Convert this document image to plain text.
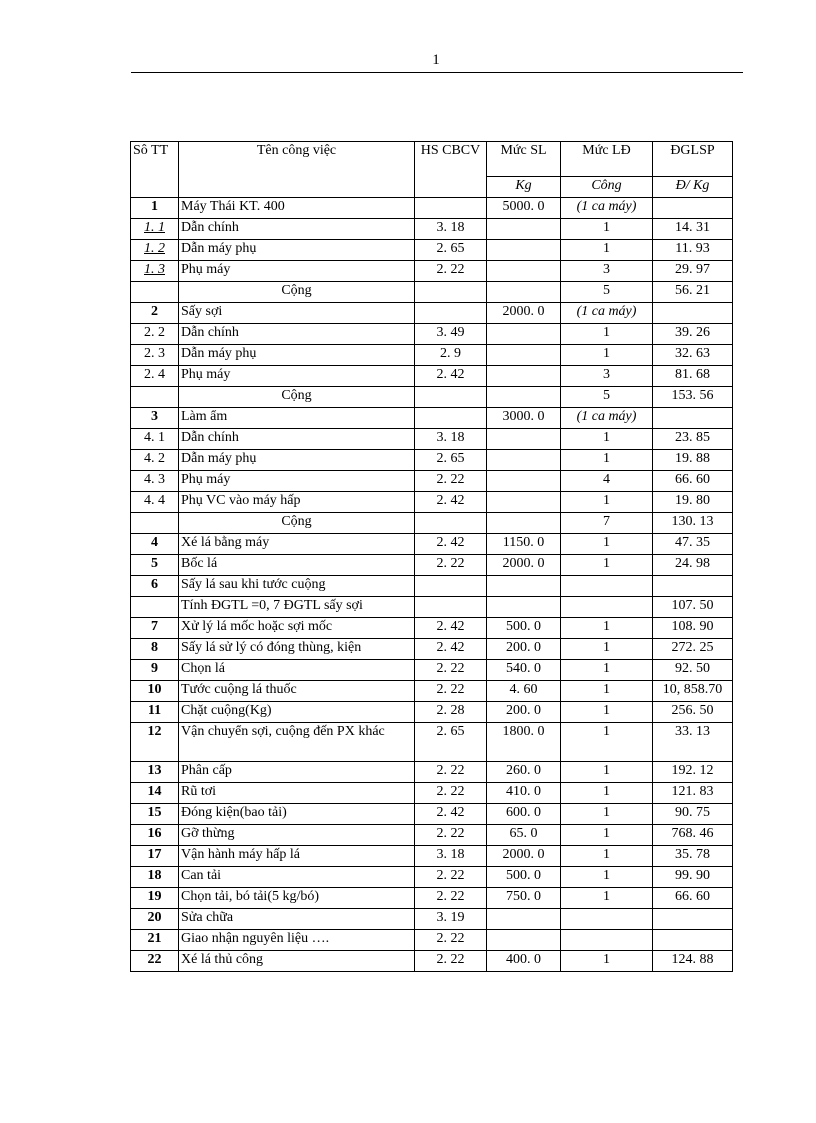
1
Sô TT	Tên công việc	HS CBCV	Mức SL	Mức LĐ	ĐGLSP
			Kg	Công	Đ/ Kg
1	Máy Thái KT. 400		5000. 0	(1 ca máy)	
1. 1	Dẫn chính	3. 18		1	14. 31
1. 2	Dẫn máy phụ	2. 65		1	11. 93
1. 3	Phụ máy	2. 22		3	29. 97
	Cộng			5	56. 21
2	Sấy sợi		2000. 0	(1 ca máy)	
2. 2	Dẫn chính	3. 49		1	39. 26
2. 3	Dẫn máy phụ	2. 9		1	32. 63
2. 4	Phụ máy	2. 42		3	81. 68
	Cộng			5	153. 56
3	Làm ẩm		3000. 0	(1 ca máy)	
4. 1	Dẫn chính	3. 18		1	23. 85
4. 2	Dẫn máy phụ	2. 65		1	19. 88
4. 3	Phụ máy	2. 22		4	66. 60
4. 4	Phụ VC vào máy hấp	2. 42		1	19. 80
	Cộng			7	130. 13
4	Xé lá bằng máy	2. 42	1150. 0	1	47. 35
5	Bốc lá	2. 22	2000. 0	1	24. 98
6	Sấy lá sau khi tước cuộng				
	Tính ĐGTL =0, 7 ĐGTL sấy sợi				107. 50
7	Xử lý lá mốc hoặc sợi mốc	2. 42	500. 0	1	108. 90
8	Sấy lá sử lý có đóng thùng, kiện	2. 42	200. 0	1	272. 25
9	Chọn lá	2. 22	540. 0	1	92. 50
10	Tước cuộng lá thuốc	2. 22	4. 60	1	10, 858.70
11	Chặt cuộng(Kg)	2. 28	200. 0	1	256. 50
12	Vận chuyển sợi, cuộng đến PX khác	2. 65	1800. 0	1	33. 13
13	Phân cấp	2. 22	260. 0	1	192. 12
14	Rũ tơi	2. 22	410. 0	1	121. 83
15	Đóng kiện(bao tải)	2. 42	600. 0	1	90. 75
16	Gỡ thừng	2. 22	65. 0	1	768. 46
17	Vận hành máy hấp lá	3. 18	2000. 0	1	35. 78
18	Can tải	2. 22	500. 0	1	99. 90
19	Chọn tải, bó tải(5 kg/bó)	2. 22	750. 0	1	66. 60
20	Sửa chữa	3. 19			
21	Giao nhận nguyên liệu ….	2. 22			
22	Xé lá thủ công	2. 22	400. 0	1	124. 88
